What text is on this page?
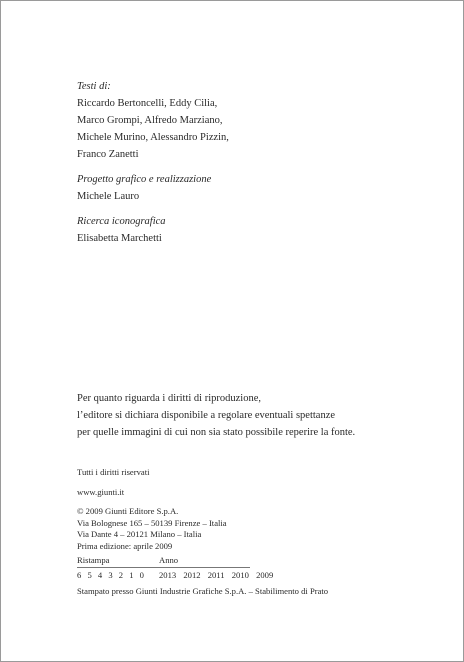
Testi di:
Riccardo Bertoncelli, Eddy Cilia,
Marco Grompi, Alfredo Marziano,
Michele Murino, Alessandro Pizzin,
Franco Zanetti
Progetto grafico e realizzazione
Michele Lauro
Ricerca iconografica
Elisabetta Marchetti
Per quanto riguarda i diritti di riproduzione,
l’editore si dichiara disponibile a regolare eventuali spettanze
per quelle immagini di cui non sia stato possibile reperire la fonte.
Tutti i diritti riservati
www.giunti.it
© 2009 Giunti Editore S.p.A.
Via Bolognese 165 – 50139 Firenze – Italia
Via Dante 4 – 20121 Milano – Italia
Prima edizione: aprile 2009
Ristampa	Anno
6 5 4 3 2 1 0	2013 2012 2011 2010 2009
Stampato presso Giunti Industrie Grafiche S.p.A. – Stabilimento di Prato
